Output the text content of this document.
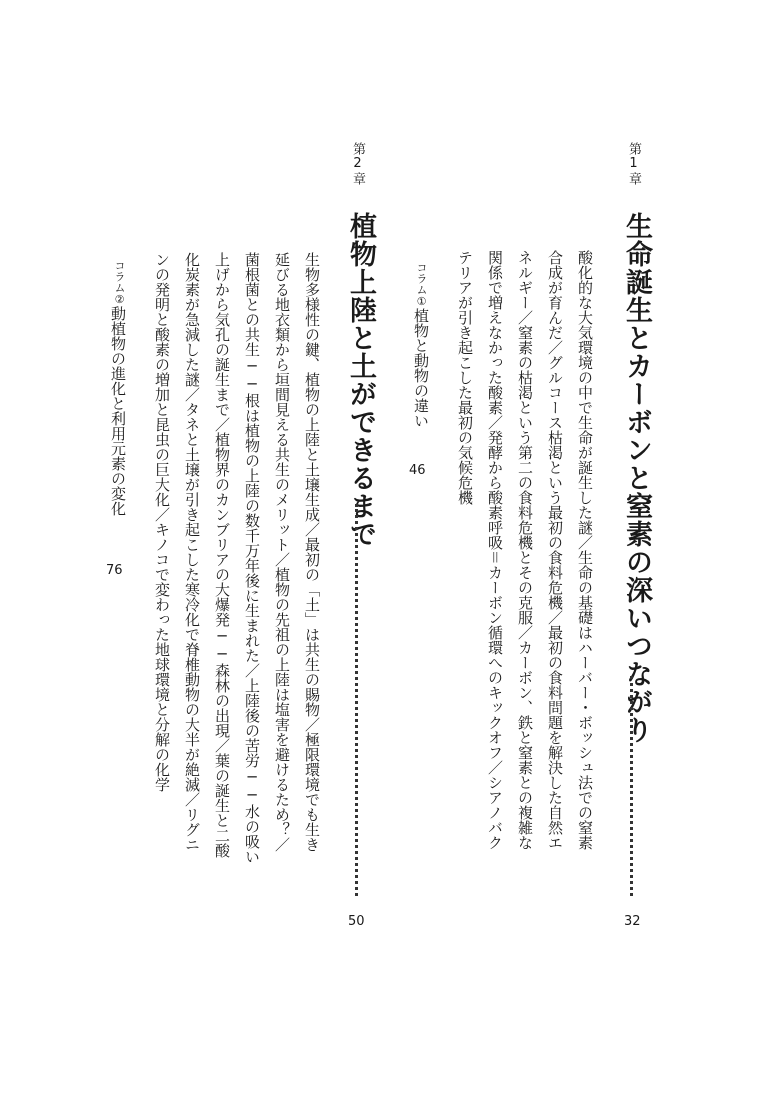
第1章
生命誕生とカーボンと窒素の深いつながり
32
酸化的な大気環境の中で生命が誕生した謎／生命の基礎はハーバー・ボッシュ法での窒素
合成が育んだ／グルコース枯渇という最初の食料危機／最初の食料問題を解決した自然エ
ネルギー／窒素の枯渇という第二の食料危機とその克服／カーボン、鉄と窒素との複雑な
関係で増えなかった酸素／発酵から酸素呼吸＝カーボン循環へのキックオフ／シアノバク
テリアが引き起こした最初の気候危機
コラム①
植物と動物の違い
46
第2章
植物上陸と土ができるまで
50
生物多様性の鍵、植物の上陸と土壌生成／最初の「土」は共生の賜物／極限環境でも生き
延びる地衣類から垣間見える共生のメリット／植物の先祖の上陸は塩害を避けるため？／
菌根菌との共生──根は植物の上陸の数千万年後に生まれた／上陸後の苦労──水の吸い
上げから気孔の誕生まで／植物界のカンブリアの大爆発──森林の出現／葉の誕生と二酸
化炭素が急減した謎／タネと土壌が引き起こした寒冷化で脊椎動物の大半が絶滅／リグニ
ンの発明と酸素の増加と昆虫の巨大化／キノコで変わった地球環境と分解の化学
コラム②
動植物の進化と利用元素の変化
76
